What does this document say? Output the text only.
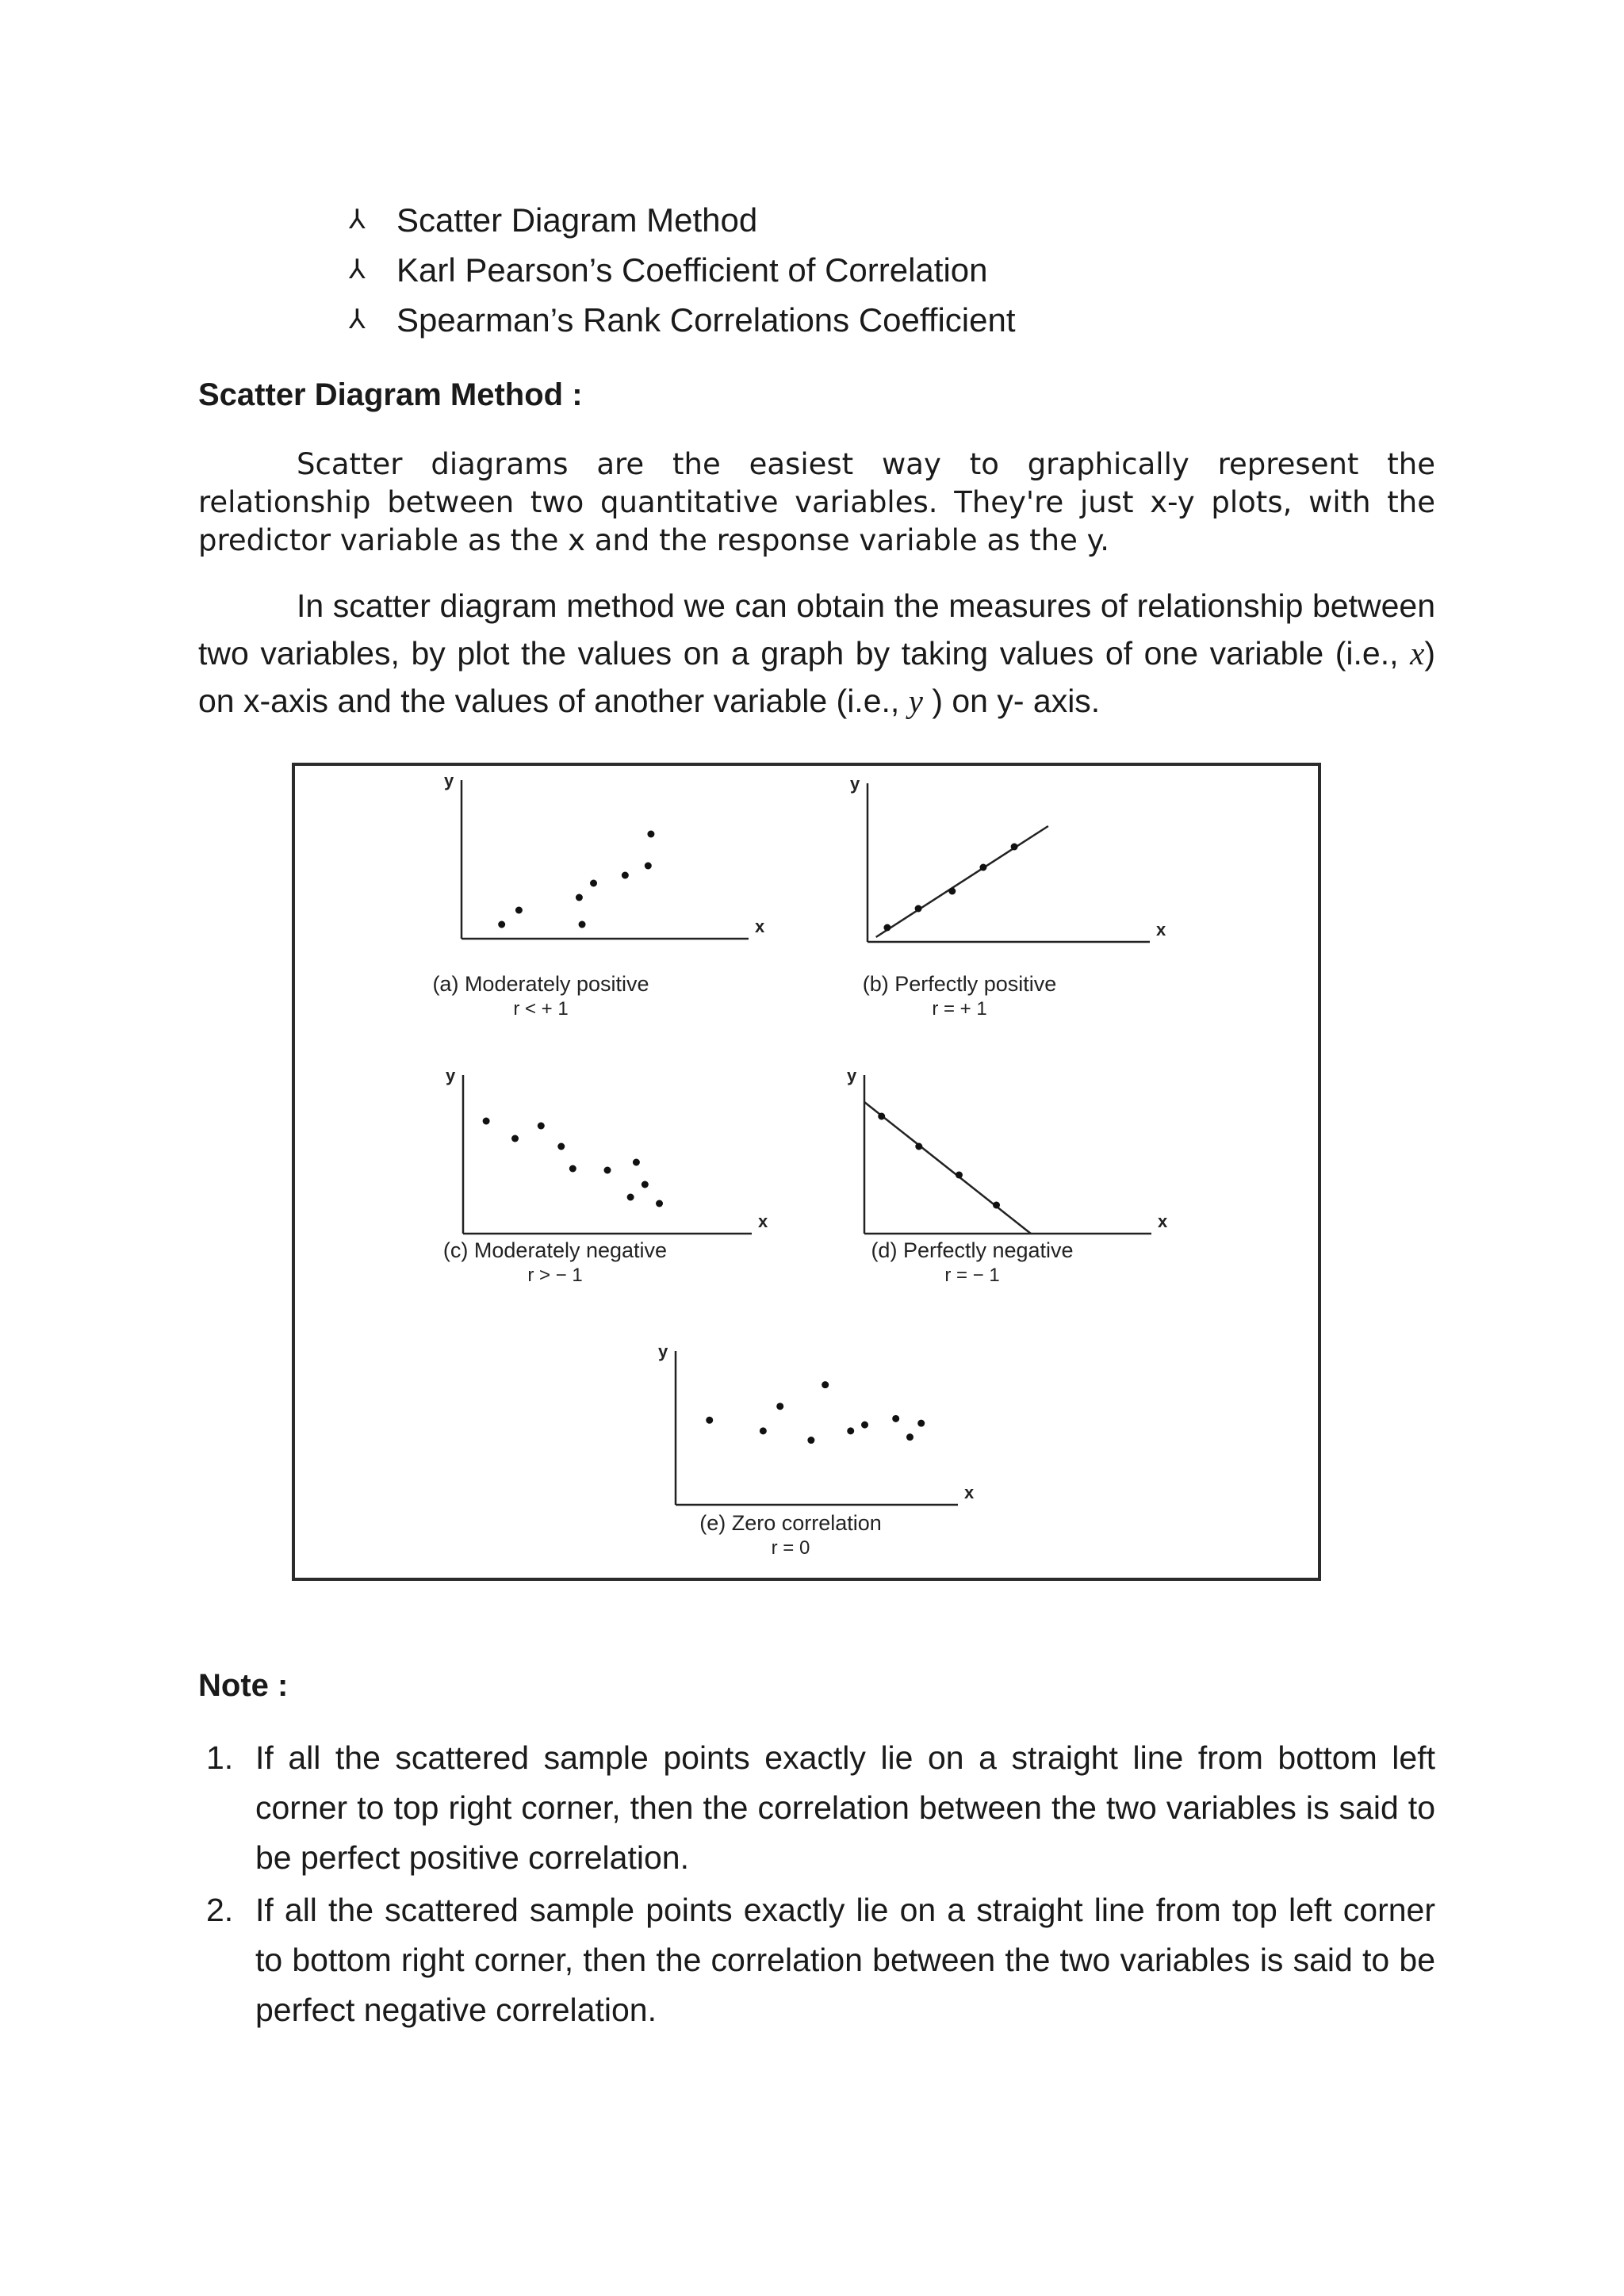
⅄ Scatter Diagram Method
⅄ Karl Pearson’s Coefficient of Correlation
⅄ Spearman’s Rank Correlations Coefficient
Scatter Diagram Method :

Scatter diagrams are the easiest way to graphically represent the relationship between two quantitative variables. They're just x-y plots, with the predictor variable as the x and the response variable as the y.

In scatter diagram method we can obtain the measures of relationship between two variables, by plot the values on a graph by taking values of one variable (i.e., x) on x-axis and the values of another variable (i.e., y ) on y- axis.

y
x
(a) Moderately positive
r < + 1
y
x
(b) Perfectly positive
r = + 1
y
x
(c) Moderately negative
r > − 1
y
x
(d) Perfectly negative
r = − 1
y
x
(e) Zero correlation
r = 0
Note :
1. If all the scattered sample points exactly lie on a straight line from bottom left corner to top right corner, then the correlation between the two variables is said to be perfect positive correlation.
2. If all the scattered sample points exactly lie on a straight line from top left corner to bottom right corner, then the correlation between the two variables is said to be perfect negative correlation.
